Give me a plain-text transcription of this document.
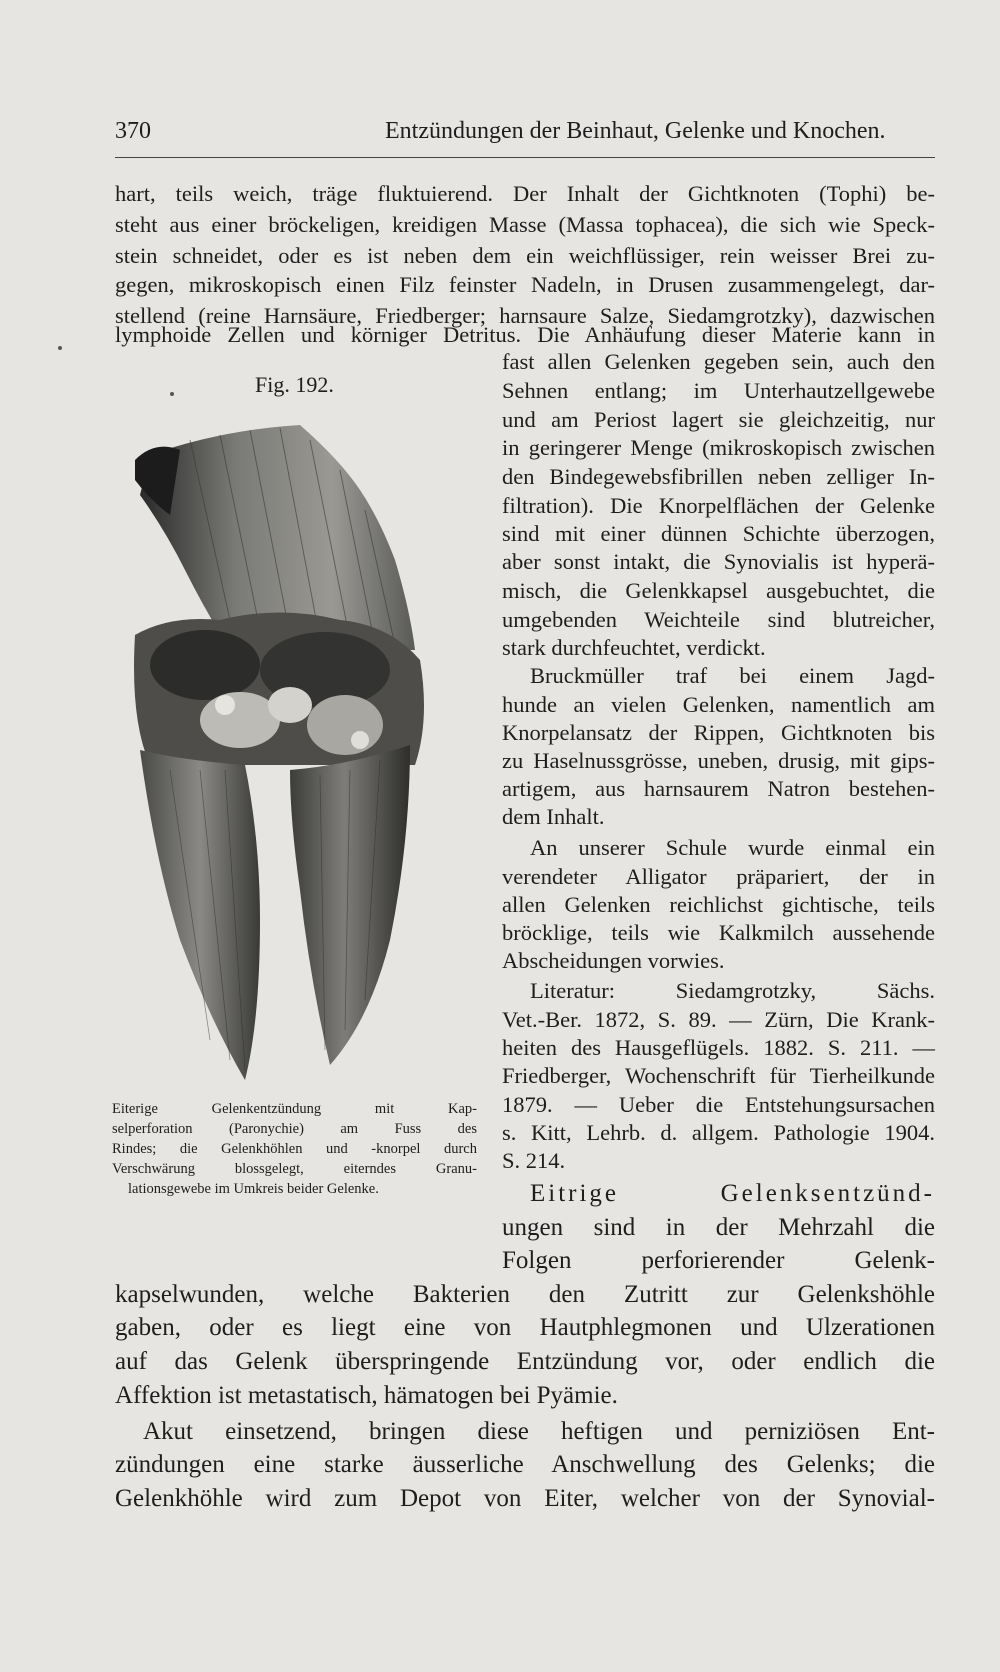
370	Entzündungen der Beinhaut, Gelenke und Knochen.
hart, teils weich, träge fluktuierend. Der Inhalt der Gichtknoten (Tophi) be-
steht aus einer bröckeligen, kreidigen Masse (Massa tophacea), die sich wie Speck-
stein schneidet, oder es ist neben dem ein weichflüssiger, rein weisser Brei zu-
gegen, mikroskopisch einen Filz feinster Nadeln, in Drusen zusammengelegt, dar-
stellend (reine Harnsäure, Friedberger; harnsaure Salze, Siedamgrotzky), dazwischen
lymphoide Zellen und körniger Detritus. Die Anhäufung dieser Materie kann in
Fig. 192.
Eiterige Gelenkentzündung mit Kap-
selperforation (Paronychie) am Fuss des
Rindes; die Gelenkhöhlen und -knorpel durch
Verschwärung blossgelegt, eiterndes Granu-
lationsgewebe im Umkreis beider Gelenke.
fast allen Gelenken gegeben sein, auch den
Sehnen entlang; im Unterhautzellgewebe
und am Periost lagert sie gleichzeitig, nur
in geringerer Menge (mikroskopisch zwischen
den Bindegewebsfibrillen neben zelliger In-
filtration). Die Knorpelflächen der Gelenke
sind mit einer dünnen Schichte überzogen,
aber sonst intakt, die Synovialis ist hyperä-
misch, die Gelenkkapsel ausgebuchtet, die
umgebenden Weichteile sind blutreicher,
stark durchfeuchtet, verdickt.
Bruckmüller traf bei einem Jagd-
hunde an vielen Gelenken, namentlich am
Knorpelansatz der Rippen, Gichtknoten bis
zu Haselnussgrösse, uneben, drusig, mit gips-
artigem, aus harnsaurem Natron bestehen-
dem Inhalt.
An unserer Schule wurde einmal ein
verendeter Alligator präpariert, der in
allen Gelenken reichlichst gichtische, teils
bröcklige, teils wie Kalkmilch aussehende
Abscheidungen vorwies.
Literatur: Siedamgrotzky, Sächs.
Vet.-Ber. 1872, S. 89. — Zürn, Die Krank-
heiten des Hausgeflügels. 1882. S. 211. —
Friedberger, Wochenschrift für Tierheilkunde
1879. — Ueber die Entstehungsursachen
s. Kitt, Lehrb. d. allgem. Pathologie 1904.
S. 214.
Eitrige Gelenksentzünd-
ungen sind in der Mehrzahl die
Folgen perforierender Gelenk-
kapselwunden, welche Bakterien den Zutritt zur Gelenkshöhle
gaben, oder es liegt eine von Hautphlegmonen und Ulzerationen
auf das Gelenk überspringende Entzündung vor, oder endlich die
Affektion ist metastatisch, hämatogen bei Pyämie.
Akut einsetzend, bringen diese heftigen und perniziösen Ent-
zündungen eine starke äusserliche Anschwellung des Gelenks; die
Gelenkhöhle wird zum Depot von Eiter, welcher von der Synovial-
